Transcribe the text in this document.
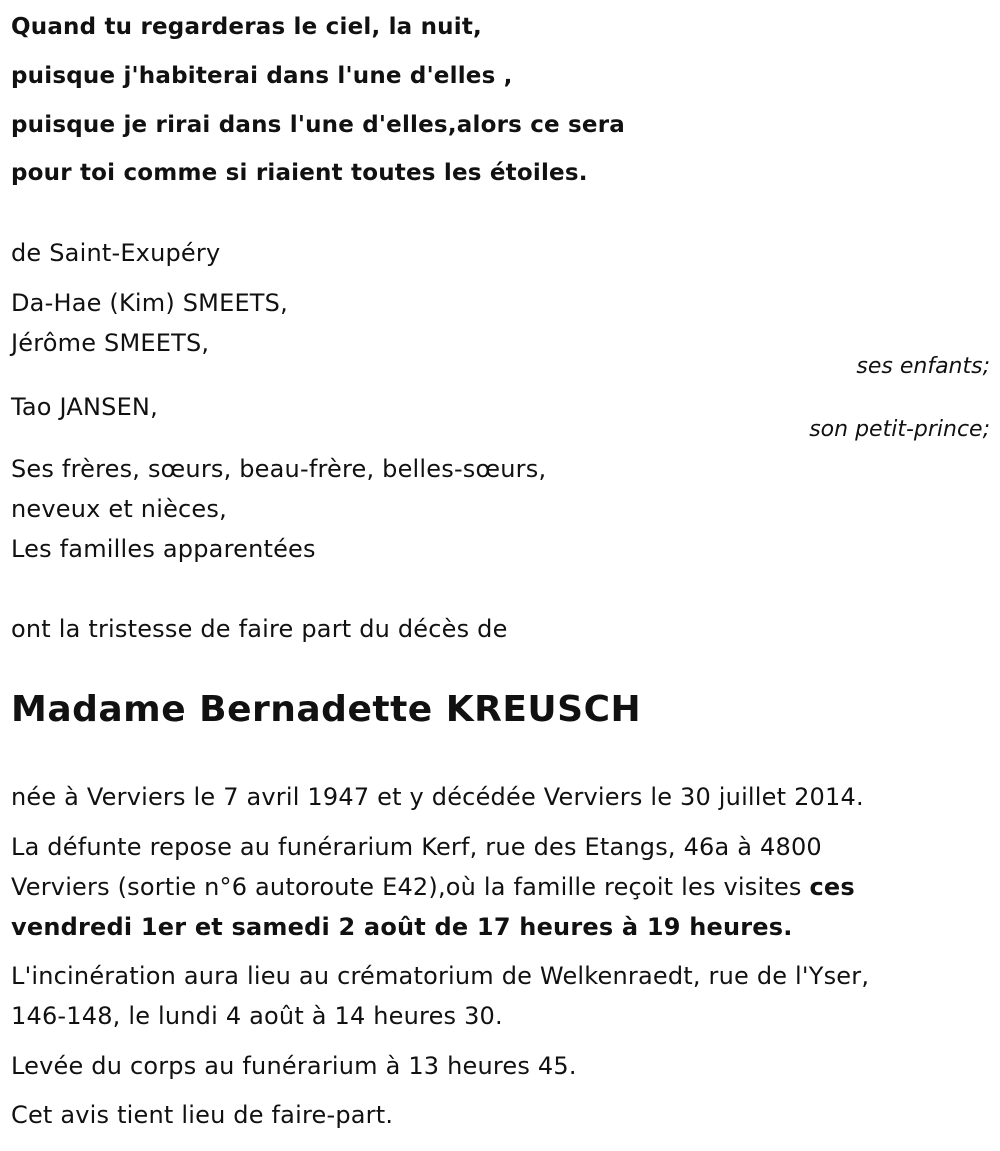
Quand tu regarderas le ciel, la nuit,
puisque j'habiterai dans l'une d'elles ,
puisque je rirai dans l'une d'elles,alors ce sera
pour toi comme si riaient toutes les étoiles.
de Saint-Exupéry
Da-Hae (Kim) SMEETS,
Jérôme SMEETS,
ses enfants;
Tao JANSEN,
son petit-prince;
Ses frères, sœurs, beau-frère, belles-sœurs,
neveux et nièces,
Les familles apparentées
ont la tristesse de faire part du décès de
Madame Bernadette KREUSCH
née à Verviers le 7 avril 1947 et y décédée Verviers le 30 juillet 2014.
La défunte repose au funérarium Kerf, rue des Etangs, 46a à 4800
Verviers (sortie n°6 autoroute E42),où la famille reçoit les visites ces
vendredi 1er et samedi 2 août de 17 heures à 19 heures.
L'incinération aura lieu au crématorium de Welkenraedt, rue de l'Yser,
146-148, le lundi 4 août à 14 heures 30.
Levée du corps au funérarium à 13 heures 45.
Cet avis tient lieu de faire-part.
